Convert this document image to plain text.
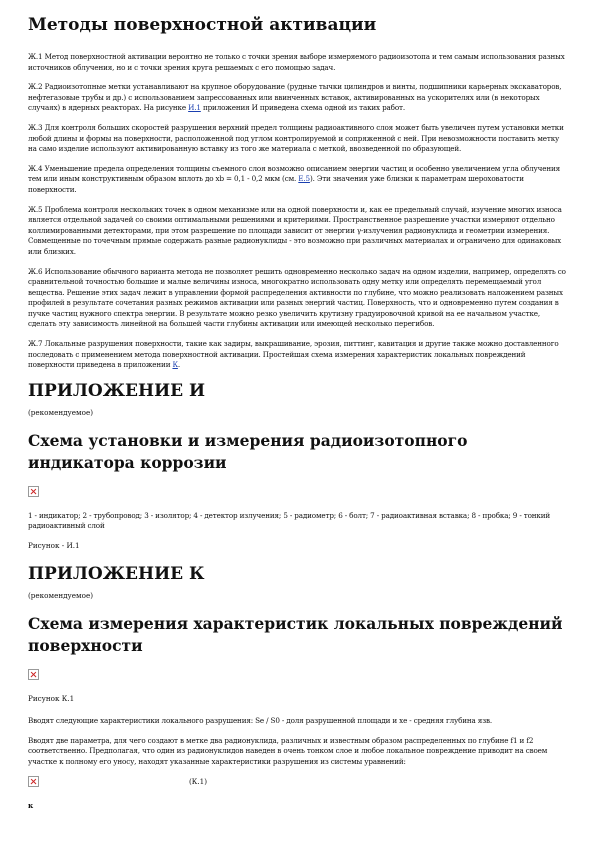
Методы поверхностной активации

Ж.1 Метод поверхностной активации вероятно не только с точки зрения выборе измеряемого радиоизотопа и тем самым использования разных источников облучения, но и с точки зрения круга решаемых с его помощью задач.

Ж.2 Радиоизотопные метки устанавливают на крупное оборудование (рудные тычки цилиндров и винты, подшипники карьерных экскаваторов, нефтегазовые трубы и др.) с использованием запрессованных или ввинченных вставок, активированных на ускорителях или (в некоторых случаях) в ядерных реакторах. На рисунке И.1 приложения И приведена схема одной из таких работ.

Ж.3 Для контроля больших скоростей разрушения верхний предел толщины радиоактивного слоя может быть увеличен путем установки метки любой длины и формы на поверхности, расположенной под углом контролируемой и сопряженной с ней. При невозможности поставить метку на само изделие используют активированную вставку из того же материала с меткой, ввозведенной по образующей.

Ж.4 Уменьшение предела определения толщины съемного слоя возможно описанием энергии частиц и особенно увеличением угла облучения тем или иным конструктивным образом вплоть до xb = 0,1 - 0,2 мкм (см. Е.5). Эти значения уже близки к параметрам шероховатости поверхности.

Ж.5 Проблема контроля нескольких точек в одном механизме или на одной поверхности и, как ее предельный случай, изучение многих износа является отдельной задачей со своими оптимальными решениями и критериями. Пространственное разрешение участки измеряют отдельно коллимированными детекторами, при этом разрешение по площади зависит от энергии γ-излучения радионуклида и геометрии измерения. Совмещенные по точечным прямые содержать разные радионуклиды - это возможно при различных материалах и ограничено для одинаковых или близких.

Ж.6 Использование обычного варианта метода не позволяет решить одновременно несколько задач на одном изделии, например, определять со сравнительной точностью большие и малые величины износа, многократно использовать одну метку или определять перемещаемый угол вещества. Решение этих задач лежит в управлении формой распределения активности по глубине, что можно реализовать наложением разных профилей в результате сочетания разных режимов активации или разных энергий частиц. Поверхность, что и одновременно путем создания в пучке частиц нужного спектра энергии. В результате можно резко увеличить крутизну градуировочной кривой на ее начальном участке, сделать эту зависимость линейной на большей части глубины активации или имеющей несколько перегибов.

Ж.7 Локальные разрушения поверхности, такие как задиры, выкрашивание, эрозия, питтинг, кавитация и другие также можно доставленного последовать с применением метода поверхностной активации. Простейшая схема измерения характеристик локальных повреждений поверхности приведена в приложении К.

ПРИЛОЖЕНИЕ И
(рекомендуемое)
Схема установки и измерения радиоизотопного индикатора коррозии

1 - индикатор; 2 - трубопровод; 3 - изолятор; 4 - детектор излучения; 5 - радиометр; 6 - болт; 7 - радиоактивная вставка; 8 - пробка; 9 - тонкий радиоактивный слой

Рисунок - И.1
ПРИЛОЖЕНИЕ К
(рекомендуемое)
Схема измерения характеристик локальных повреждений поверхности
Рисунок К.1

Вводят следующие характеристики локального разрушения: Sе / S0 - доля разрушенной площади и хе - средняя глубина язв.

Вводят две параметра, для чего создают в метке два радионуклида, различных и известным образом распределенных по глубине f1 и f2 соответственно. Предполагая, что один из радионуклидов наведен в очень тонком слое и любое локальное повреждение приводит на своем участке к полному его уносу, находят указанные характеристики разрушения из системы уравнений:

(К.1)
к
